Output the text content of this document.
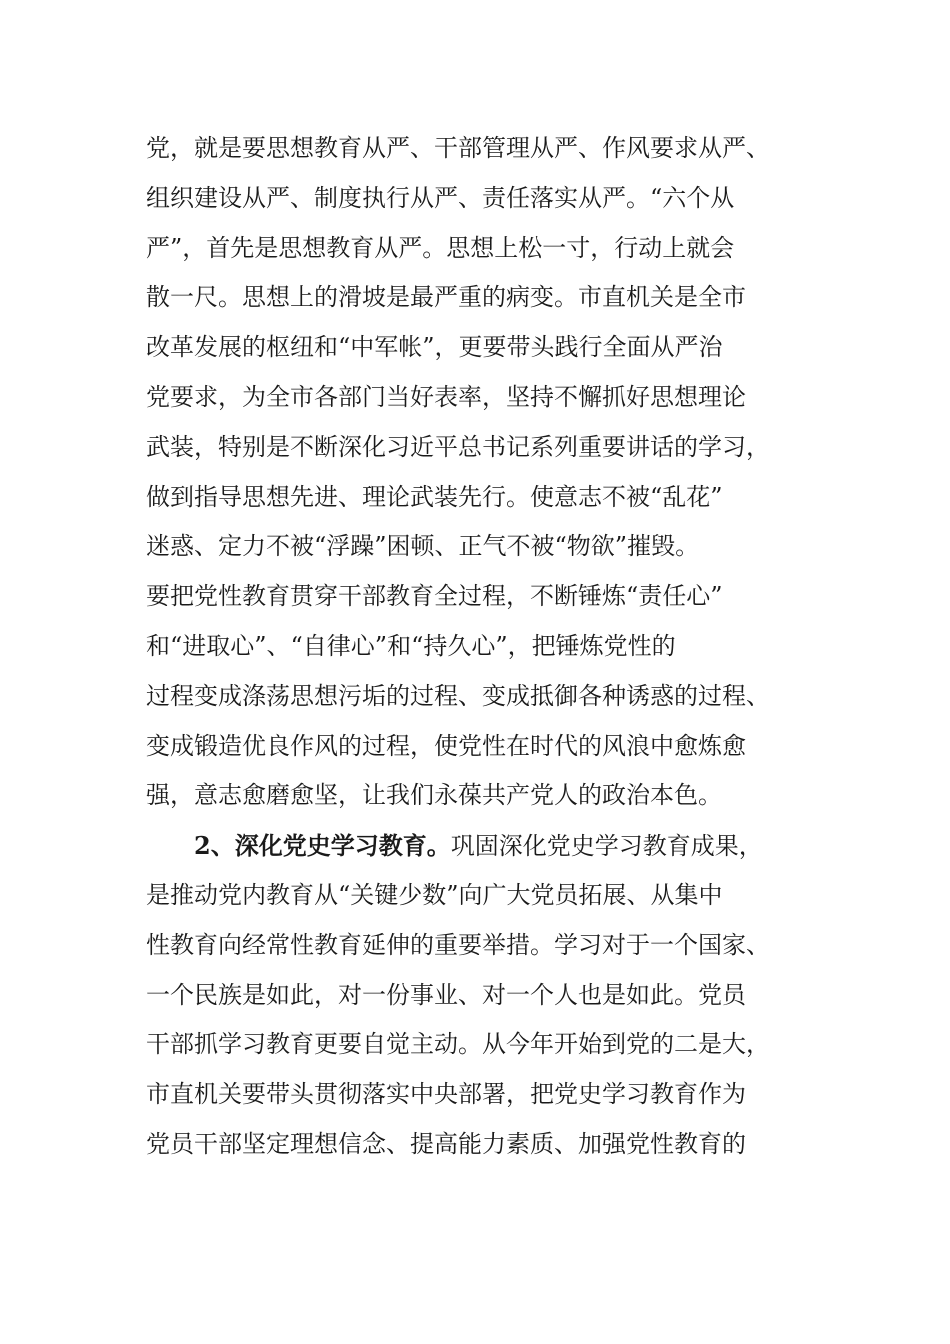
党，就是要思想教育从严、干部管理从严、作风要求从严、
组织建设从严、制度执行从严、责任落实从严。“六个从
严”，首先是思想教育从严。思想上松一寸，行动上就会
散一尺。思想上的滑坡是最严重的病变。市直机关是全市
改革发展的枢纽和“中军帐”，更要带头践行全面从严治
党要求，为全市各部门当好表率，坚持不懈抓好思想理论
武装，特别是不断深化习近平总书记系列重要讲话的学习，
做到指导思想先进、理论武装先行。使意志不被“乱花”
迷惑、定力不被“浮躁”困顿、正气不被“物欲”摧毁。
要把党性教育贯穿干部教育全过程，不断锤炼“责任心”
和“进取心”、“自律心”和“持久心”，把锤炼党性的
过程变成涤荡思想污垢的过程、变成抵御各种诱惑的过程、
变成锻造优良作风的过程，使党性在时代的风浪中愈炼愈
强，意志愈磨愈坚，让我们永葆共产党人的政治本色。
2、深化党史学习教育。巩固深化党史学习教育成果，
是推动党内教育从“关键少数”向广大党员拓展、从集中
性教育向经常性教育延伸的重要举措。学习对于一个国家、
一个民族是如此，对一份事业、对一个人也是如此。党员
干部抓学习教育更要自觉主动。从今年开始到党的二是大，
市直机关要带头贯彻落实中央部署，把党史学习教育作为
党员干部坚定理想信念、提高能力素质、加强党性教育的
